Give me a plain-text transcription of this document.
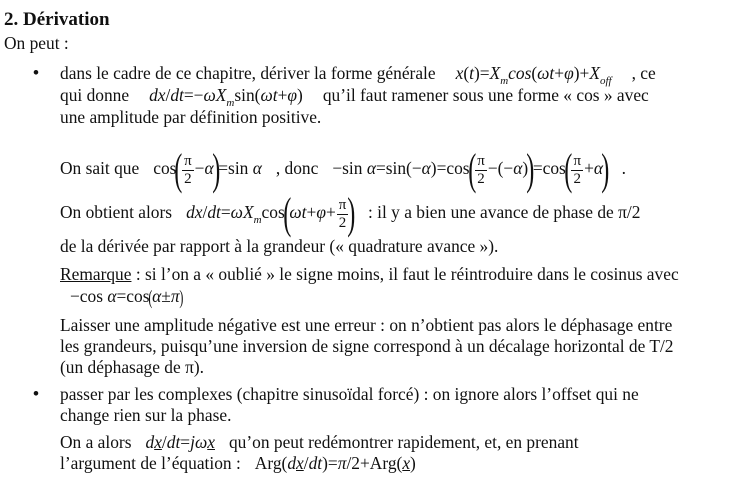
2. Dérivation
On peut :
• dans le cadre de ce chapitre, dériver la forme générale $x(t)=X_m\cos(\omega t+\varphi)+X_{off}$ , ce
qui donne $dx/dt=-\omega X_m\sin(\omega t+\varphi)$ qu’il faut ramener sous une forme « cos » avec
une amplitude par définition positive.
On sait que $\cos( \frac{\pi}{2} -\alpha)=\sin$ α , donc −sin $\alpha=\sin(-\alpha)=\cos( \frac{\pi}{2} -(-\alpha))=\cos( \frac{\pi}{2} +\alpha)$ .
On obtient alors $dx/dt=\omega X_m\cos(\omega t+\varphi+ \frac{\pi}{2}$ ) : il y a bien une avance de phase de π/2
de la dérivée par rapport à la grandeur (« quadrature avance »).
Remarque : si l’on a « oublié » le signe moins, il faut le réintroduire dans le cosinus avec
−cos α=cos(α±π)
Laisser une amplitude négative est une erreur : on n’obtient pas alors le déphasage entre
les grandeurs, puisqu’une inversion de signe correspond à un décalage horizontal de T/2
(un déphasage de π).
• passer par les complexes (chapitre sinusoïdal forcé) : on ignore alors l’offset qui ne
change rien sur la phase.
On a alors dx/dt=jωx qu’on peut redémontrer rapidement, et, en prenant
l’argument de l’équation : Arg(dx/dt)=π/2+Arg(x)
